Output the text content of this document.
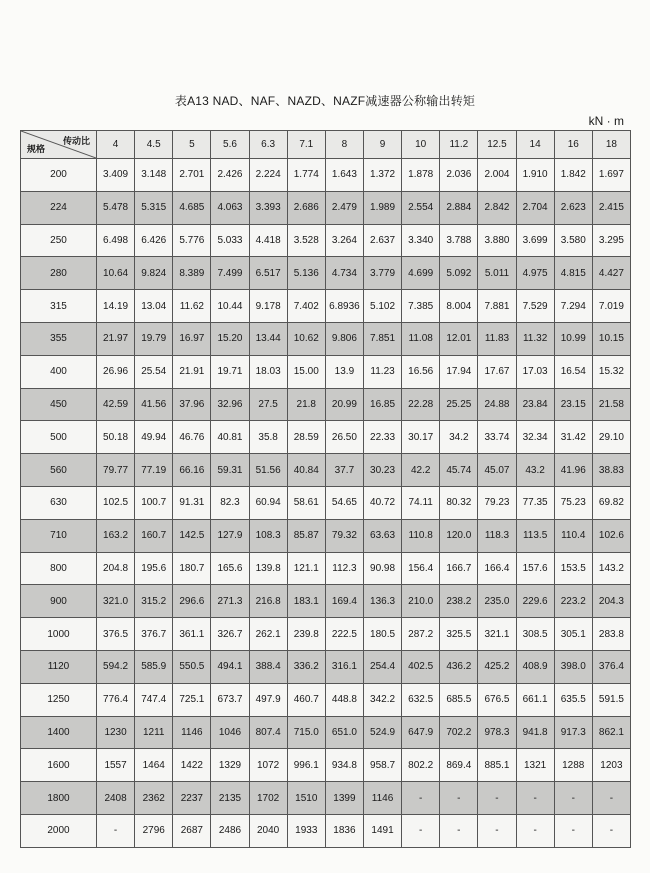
表A13 NAD、NAF、NAZD、NAZF减速器公称输出转矩
kN · m
传动比
规格	4	4.5	5	5.6	6.3	7.1	8	9	10	11.2	12.5	14	16	18
200	3.409	3.148	2.701	2.426	2.224	1.774	1.643	1.372	1.878	2.036	2.004	1.910	1.842	1.697
224	5.478	5.315	4.685	4.063	3.393	2.686	2.479	1.989	2.554	2.884	2.842	2.704	2.623	2.415
250	6.498	6.426	5.776	5.033	4.418	3.528	3.264	2.637	3.340	3.788	3.880	3.699	3.580	3.295
280	10.64	9.824	8.389	7.499	6.517	5.136	4.734	3.779	4.699	5.092	5.011	4.975	4.815	4.427
315	14.19	13.04	11.62	10.44	9.178	7.402	6.8936	5.102	7.385	8.004	7.881	7.529	7.294	7.019
355	21.97	19.79	16.97	15.20	13.44	10.62	9.806	7.851	11.08	12.01	11.83	11.32	10.99	10.15
400	26.96	25.54	21.91	19.71	18.03	15.00	13.9	11.23	16.56	17.94	17.67	17.03	16.54	15.32
450	42.59	41.56	37.96	32.96	27.5	21.8	20.99	16.85	22.28	25.25	24.88	23.84	23.15	21.58
500	50.18	49.94	46.76	40.81	35.8	28.59	26.50	22.33	30.17	34.2	33.74	32.34	31.42	29.10
560	79.77	77.19	66.16	59.31	51.56	40.84	37.7	30.23	42.2	45.74	45.07	43.2	41.96	38.83
630	102.5	100.7	91.31	82.3	60.94	58.61	54.65	40.72	74.11	80.32	79.23	77.35	75.23	69.82
710	163.2	160.7	142.5	127.9	108.3	85.87	79.32	63.63	110.8	120.0	118.3	113.5	110.4	102.6
800	204.8	195.6	180.7	165.6	139.8	121.1	112.3	90.98	156.4	166.7	166.4	157.6	153.5	143.2
900	321.0	315.2	296.6	271.3	216.8	183.1	169.4	136.3	210.0	238.2	235.0	229.6	223.2	204.3
1000	376.5	376.7	361.1	326.7	262.1	239.8	222.5	180.5	287.2	325.5	321.1	308.5	305.1	283.8
1120	594.2	585.9	550.5	494.1	388.4	336.2	316.1	254.4	402.5	436.2	425.2	408.9	398.0	376.4
1250	776.4	747.4	725.1	673.7	497.9	460.7	448.8	342.2	632.5	685.5	676.5	661.1	635.5	591.5
1400	1230	1211	1146	1046	807.4	715.0	651.0	524.9	647.9	702.2	978.3	941.8	917.3	862.1
1600	1557	1464	1422	1329	1072	996.1	934.8	958.7	802.2	869.4	885.1	1321	1288	1203
1800	2408	2362	2237	2135	1702	1510	1399	1146	-	-	-	-	-	-
2000	-	2796	2687	2486	2040	1933	1836	1491	-	-	-	-	-	-
